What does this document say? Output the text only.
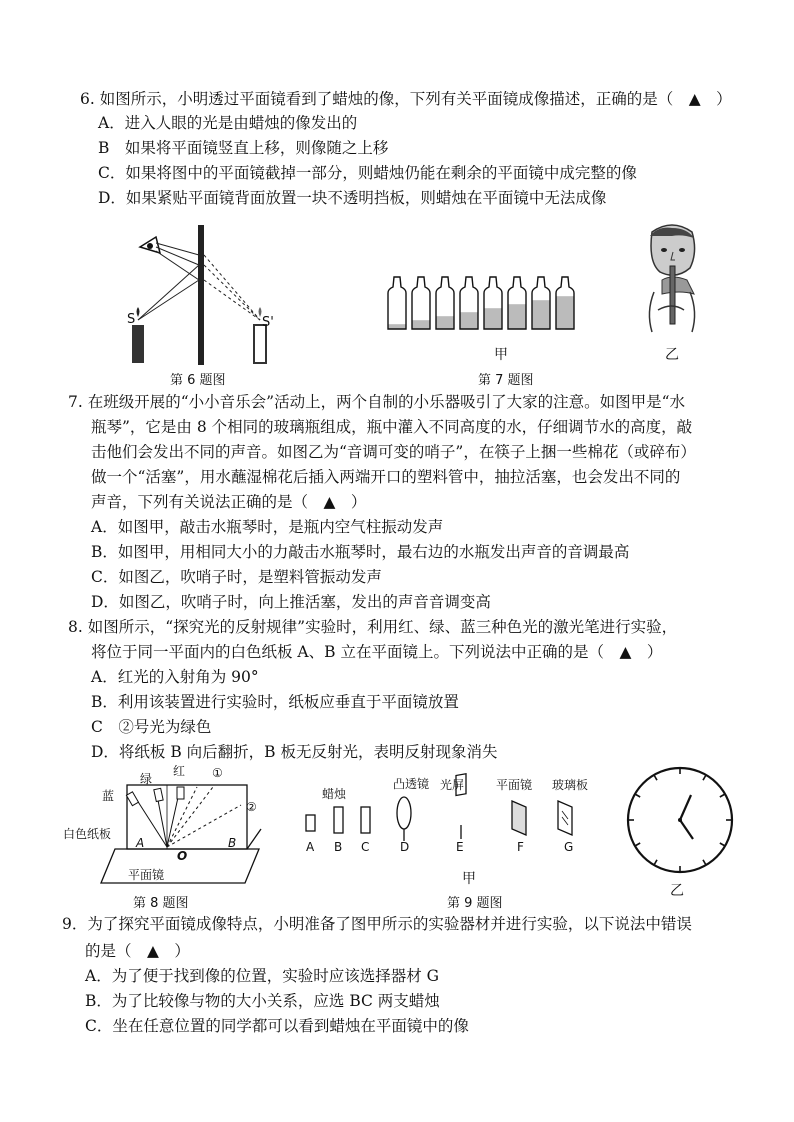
6. 如图所示，小明透过平面镜看到了蜡烛的像，下列有关平面镜成像描述，正确的是（　▲　）
A．进入人眼的光是由蜡烛的像发出的
B　如果将平面镜竖直上移，则像随之上移
C．如果将图中的平面镜截掉一部分，则蜡烛仍能在剩余的平面镜中成完整的像
D．如果紧贴平面镜背面放置一块不透明挡板，则蜡烛在平面镜中无法成像
S	S'
第 6 题图
甲
第 7 题图
乙
7. 在班级开展的“小小音乐会”活动上，两个自制的小乐器吸引了大家的注意。如图甲是“水
瓶琴”，它是由 8 个相同的玻璃瓶组成，瓶中灌入不同高度的水，仔细调节水的高度，敲
击他们会发出不同的声音。如图乙为“音调可变的哨子”，在筷子上捆一些棉花（或碎布）
做一个“活塞”，用水蘸湿棉花后插入两端开口的塑料管中，抽拉活塞，也会发出不同的
声音，下列有关说法正确的是（　▲　）
A．如图甲，敲击水瓶琴时，是瓶内空气柱振动发声
B．如图甲，用相同大小的力敲击水瓶琴时，最右边的水瓶发出声音的音调最高
C．如图乙，吹哨子时，是塑料管振动发声
D．如图乙，吹哨子时，向上推活塞，发出的声音音调变高
8. 如图所示，“探究光的反射规律”实验时，利用红、绿、蓝三种色光的激光笔进行实验，
将位于同一平面内的白色纸板 A、B 立在平面镜上。下列说法中正确的是（　▲　）
A．红光的入射角为 90°
B．利用该装置进行实验时，纸板应垂直于平面镜放置
C　②号光为绿色
D．将纸板 B 向后翻折，B 板无反射光，表明反射现象消失
蓝
绿
红 ①
②
白色纸板
A	B
O
平面镜
第 8 题图
蜡烛
凸透镜 光屏	平面镜 玻璃板
A B C	D	E	F	G
甲
第 9 题图
乙
9．为了探究平面镜成像特点，小明准备了图甲所示的实验器材并进行实验，以下说法中错误
的是（　▲　）
A．为了便于找到像的位置，实验时应该选择器材 G
B．为了比较像与物的大小关系，应选 BC 两支蜡烛
C．坐在任意位置的同学都可以看到蜡烛在平面镜中的像
